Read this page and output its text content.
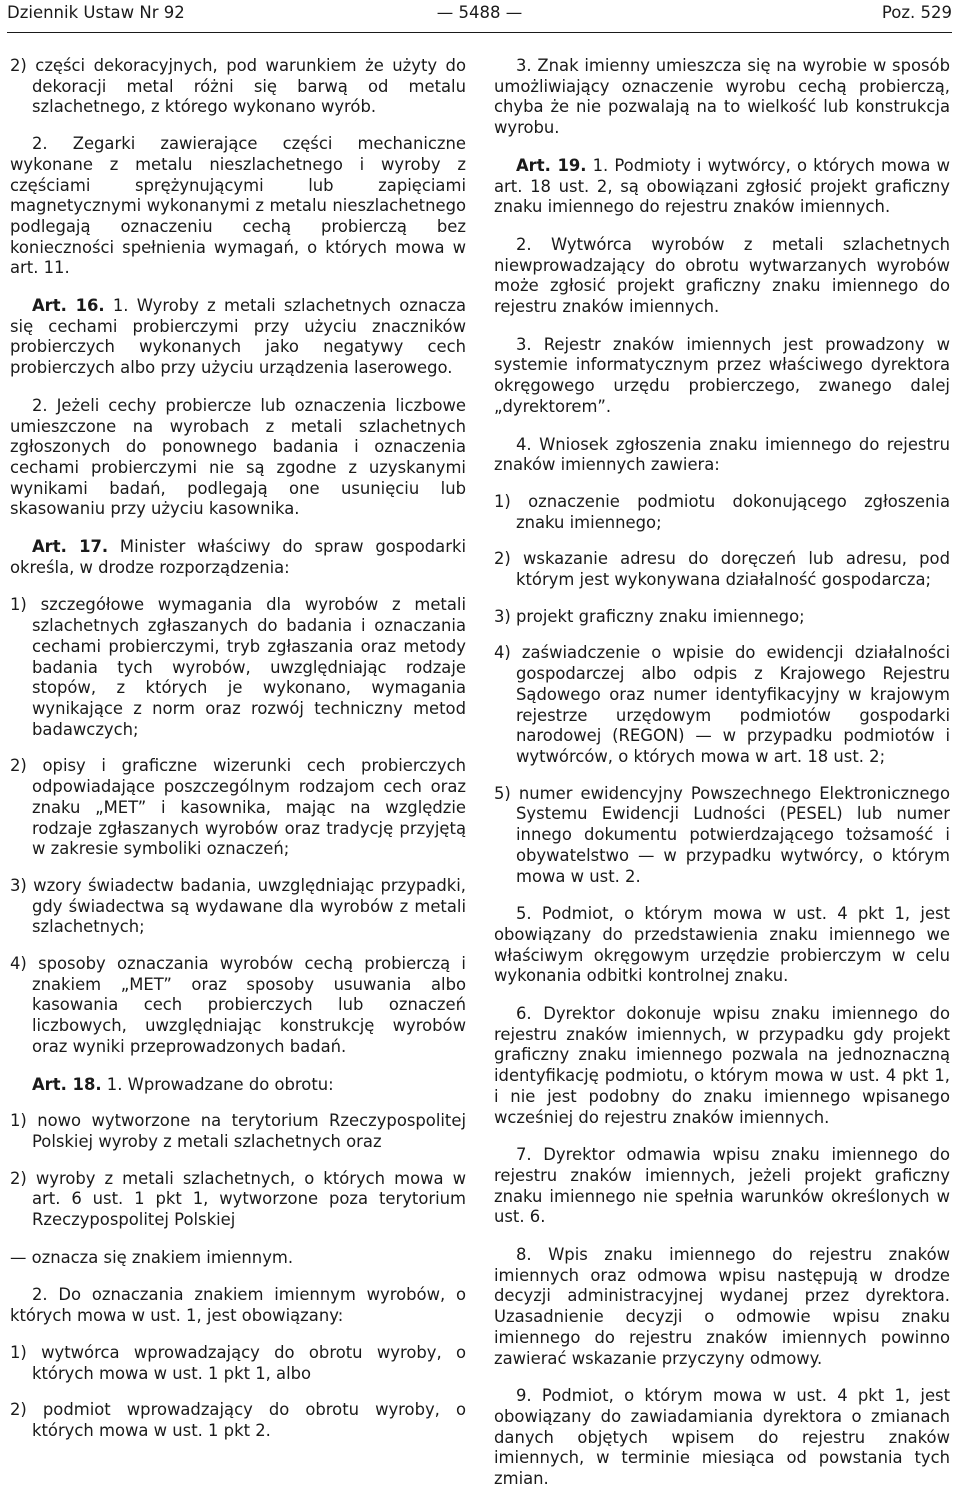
Dziennik Ustaw Nr 92	— 5488 —	Poz. 529

2) części dekoracyjnych, pod warunkiem że użyty do dekoracji metal różni się barwą od metalu szlachetnego, z którego wykonano wyrób.

2. Zegarki zawierające części mechaniczne wykonane z metalu nieszlachetnego i wyroby z częściami sprężynującymi lub zapięciami magnetycznymi wykonanymi z metalu nieszlachetnego podlegają oznaczeniu cechą probierczą bez konieczności spełnienia wymagań, o których mowa w art. 11.

Art. 16. 1. Wyroby z metali szlachetnych oznacza się cechami probierczymi przy użyciu znaczników probierczych wykonanych jako negatywy cech probierczych albo przy użyciu urządzenia laserowego.

2. Jeżeli cechy probiercze lub oznaczenia liczbowe umieszczone na wyrobach z metali szlachetnych zgłoszonych do ponownego badania i oznaczenia cechami probierczymi nie są zgodne z uzyskanymi wynikami badań, podlegają one usunięciu lub skasowaniu przy użyciu kasownika.

Art. 17. Minister właściwy do spraw gospodarki określa, w drodze rozporządzenia:

1) szczegółowe wymagania dla wyrobów z metali szlachetnych zgłaszanych do badania i oznaczania cechami probierczymi, tryb zgłaszania oraz metody badania tych wyrobów, uwzględniając rodzaje stopów, z których je wykonano, wymagania wynikające z norm oraz rozwój techniczny metod badawczych;

2) opisy i graficzne wizerunki cech probierczych odpowiadające poszczególnym rodzajom cech oraz znaku „MET” i kasownika, mając na względzie rodzaje zgłaszanych wyrobów oraz tradycję przyjętą w zakresie symboliki oznaczeń;

3) wzory świadectw badania, uwzględniając przypadki, gdy świadectwa są wydawane dla wyrobów z metali szlachetnych;

4) sposoby oznaczania wyrobów cechą probierczą i znakiem „MET” oraz sposoby usuwania albo kasowania cech probierczych lub oznaczeń liczbowych, uwzględniając konstrukcję wyrobów oraz wyniki przeprowadzonych badań.

Art. 18. 1. Wprowadzane do obrotu:

1) nowo wytworzone na terytorium Rzeczypospolitej Polskiej wyroby z metali szlachetnych oraz

2) wyroby z metali szlachetnych, o których mowa w art. 6 ust. 1 pkt 1, wytworzone poza terytorium Rzeczypospolitej Polskiej

— oznacza się znakiem imiennym.

2. Do oznaczania znakiem imiennym wyrobów, o których mowa w ust. 1, jest obowiązany:

1) wytwórca wprowadzający do obrotu wyroby, o których mowa w ust. 1 pkt 1, albo

2) podmiot wprowadzający do obrotu wyroby, o których mowa w ust. 1 pkt 2.

3. Znak imienny umieszcza się na wyrobie w sposób umożliwiający oznaczenie wyrobu cechą probierczą, chyba że nie pozwalają na to wielkość lub konstrukcja wyrobu.

Art. 19. 1. Podmioty i wytwórcy, o których mowa w art. 18 ust. 2, są obowiązani zgłosić projekt graficzny znaku imiennego do rejestru znaków imiennych.

2. Wytwórca wyrobów z metali szlachetnych niewprowadzający do obrotu wytwarzanych wyrobów może zgłosić projekt graficzny znaku imiennego do rejestru znaków imiennych.

3. Rejestr znaków imiennych jest prowadzony w systemie informatycznym przez właściwego dyrektora okręgowego urzędu probierczego, zwanego dalej „dyrektorem”.

4. Wniosek zgłoszenia znaku imiennego do rejestru znaków imiennych zawiera:

1) oznaczenie podmiotu dokonującego zgłoszenia znaku imiennego;

2) wskazanie adresu do doręczeń lub adresu, pod którym jest wykonywana działalność gospodarcza;

3) projekt graficzny znaku imiennego;

4) zaświadczenie o wpisie do ewidencji działalności gospodarczej albo odpis z Krajowego Rejestru Sądowego oraz numer identyfikacyjny w krajowym rejestrze urzędowym podmiotów gospodarki narodowej (REGON) — w przypadku podmiotów i wytwórców, o których mowa w art. 18 ust. 2;

5) numer ewidencyjny Powszechnego Elektronicznego Systemu Ewidencji Ludności (PESEL) lub numer innego dokumentu potwierdzającego tożsamość i obywatelstwo — w przypadku wytwórcy, o którym mowa w ust. 2.

5. Podmiot, o którym mowa w ust. 4 pkt 1, jest obowiązany do przedstawienia znaku imiennego we właściwym okręgowym urzędzie probierczym w celu wykonania odbitki kontrolnej znaku.

6. Dyrektor dokonuje wpisu znaku imiennego do rejestru znaków imiennych, w przypadku gdy projekt graficzny znaku imiennego pozwala na jednoznaczną identyfikację podmiotu, o którym mowa w ust. 4 pkt 1, i nie jest podobny do znaku imiennego wpisanego wcześniej do rejestru znaków imiennych.

7. Dyrektor odmawia wpisu znaku imiennego do rejestru znaków imiennych, jeżeli projekt graficzny znaku imiennego nie spełnia warunków określonych w ust. 6.

8. Wpis znaku imiennego do rejestru znaków imiennych oraz odmowa wpisu następują w drodze decyzji administracyjnej wydanej przez dyrektora. Uzasadnienie decyzji o odmowie wpisu znaku imiennego do rejestru znaków imiennych powinno zawierać wskazanie przyczyny odmowy.

9. Podmiot, o którym mowa w ust. 4 pkt 1, jest obowiązany do zawiadamiania dyrektora o zmianach danych objętych wpisem do rejestru znaków imiennych, w terminie miesiąca od powstania tych zmian.
